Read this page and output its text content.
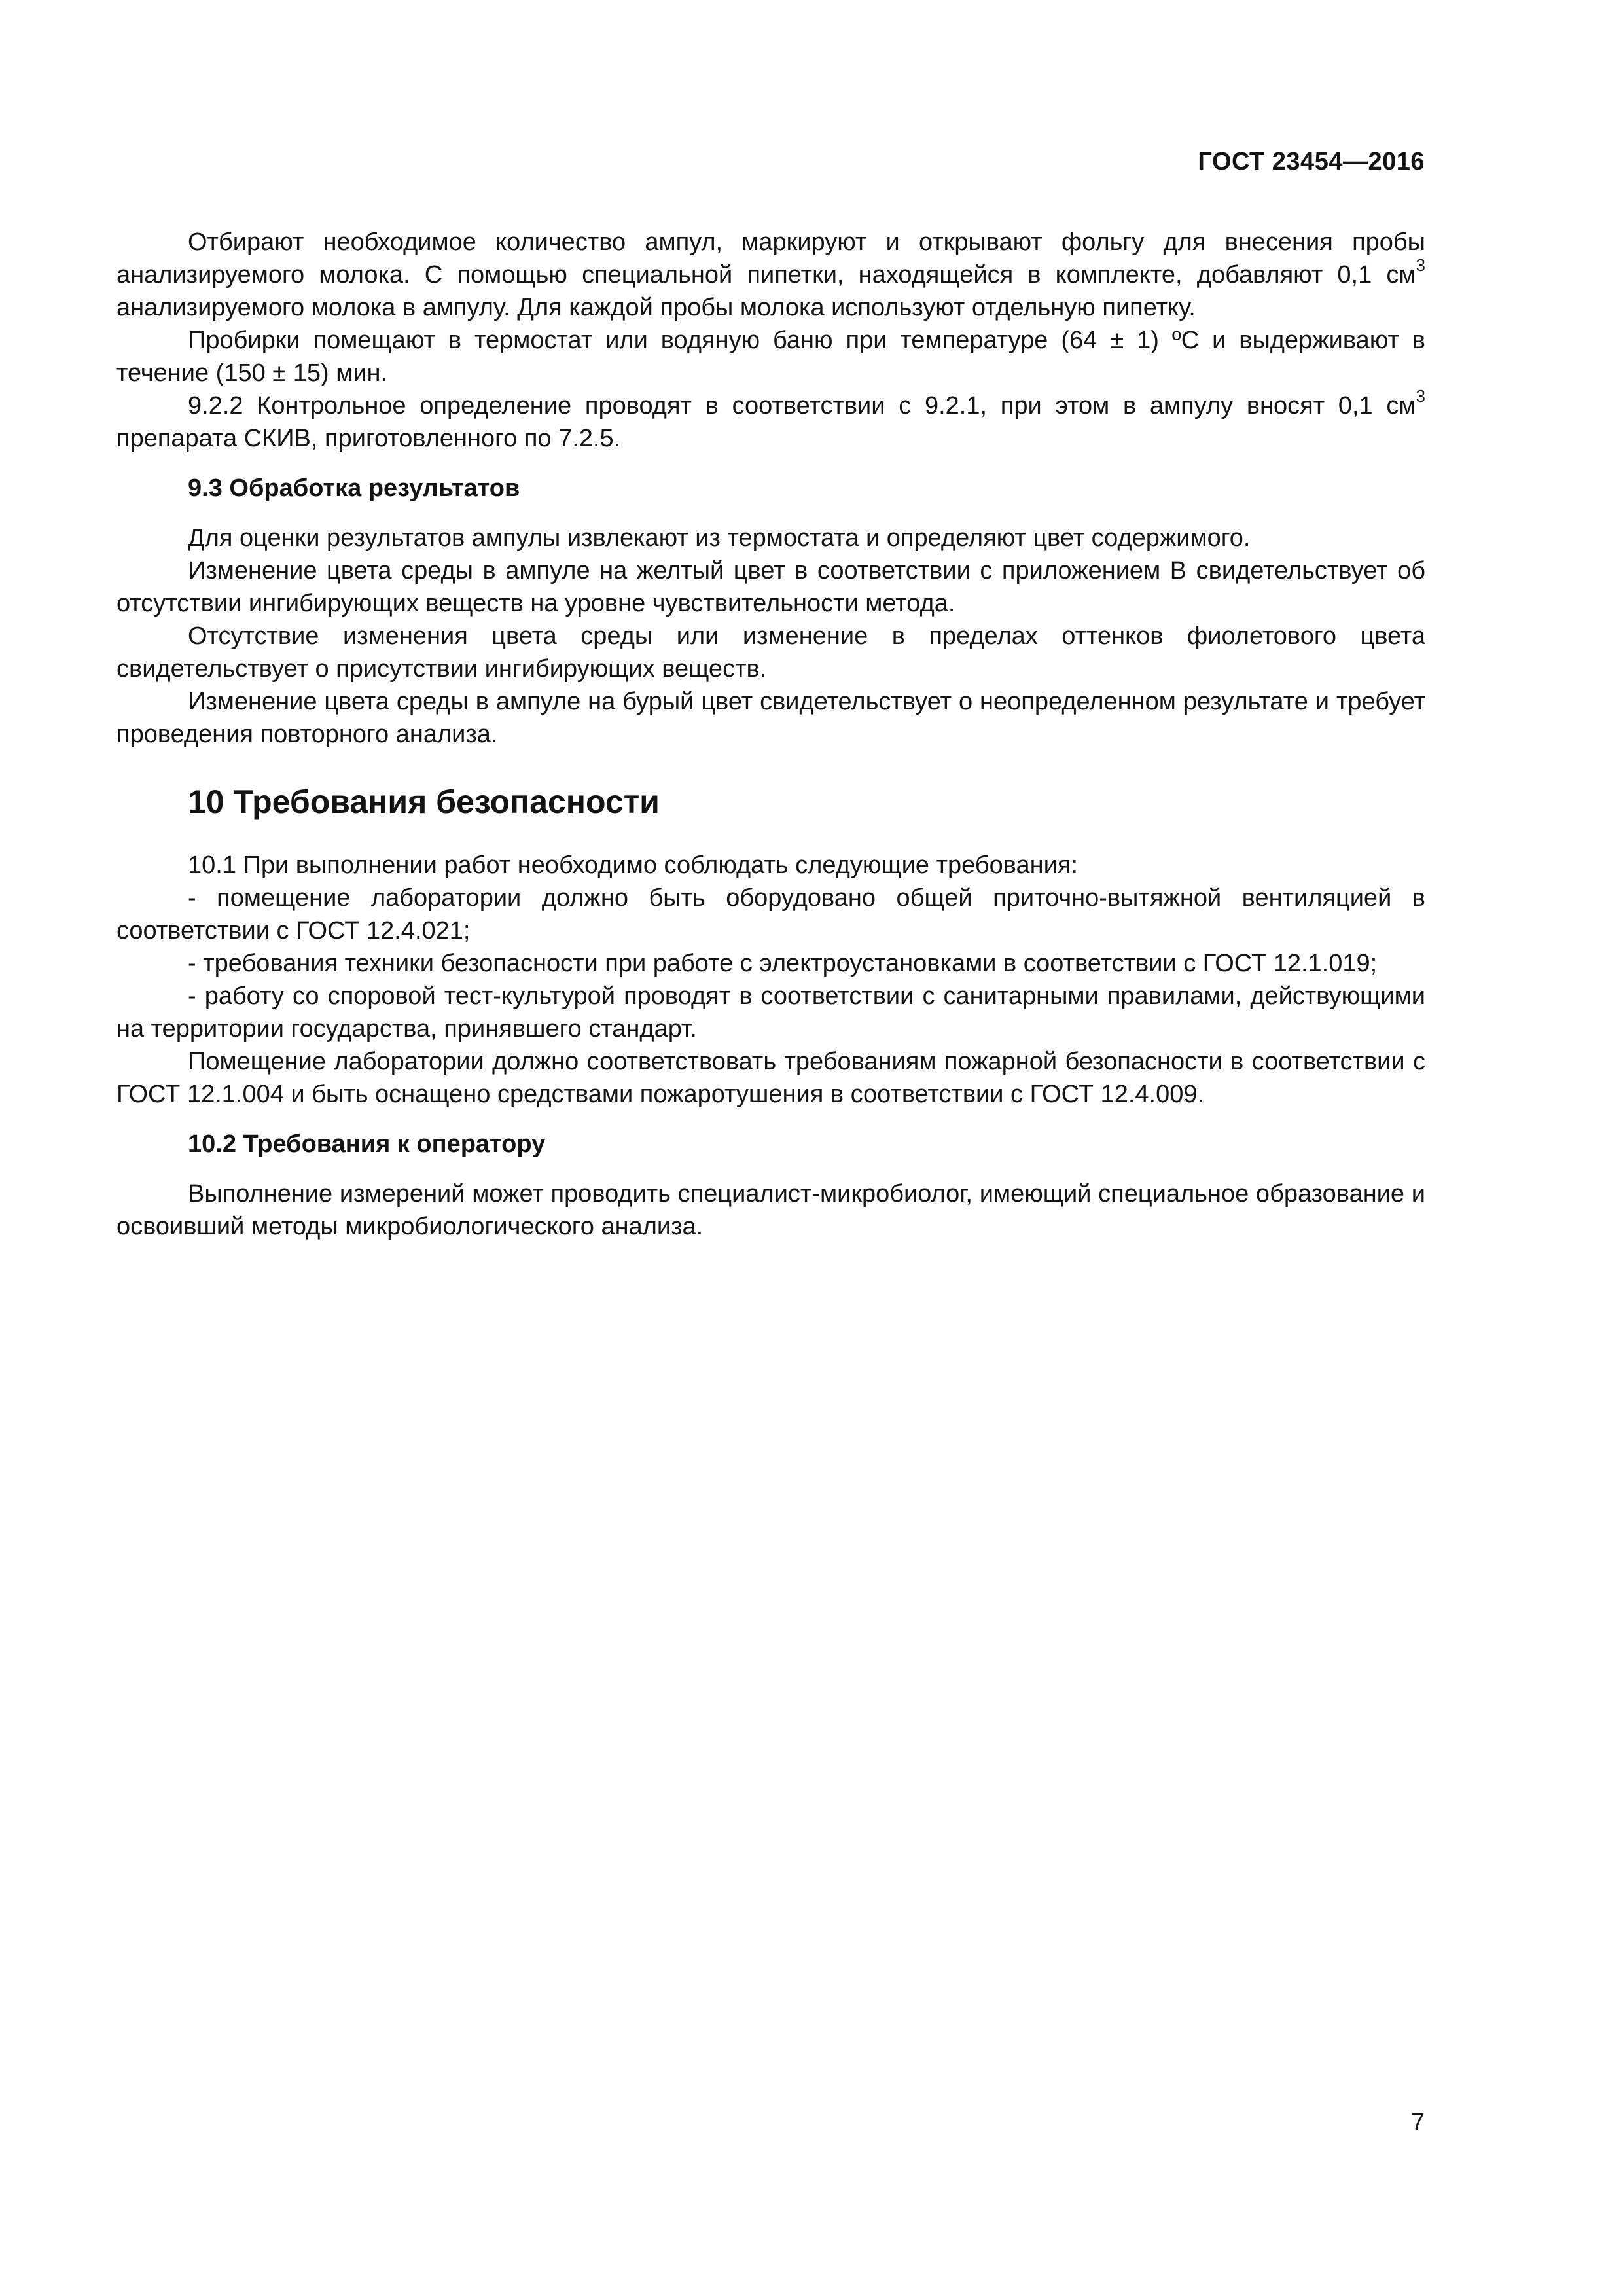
ГОСТ 23454—2016

Отбирают необходимое количество ампул, маркируют и открывают фольгу для внесения пробы анализируемого молока. С помощью специальной пипетки, находящейся в комплекте, добавляют 0,1 $см^3$ анализируемого молока в ампулу. Для каждой пробы молока используют отдельную пипетку.

Пробирки помещают в термостат или водяную баню при температуре (64 ± 1) ºС и выдерживают в течение (150 ± 15) мин.

9.2.2 Контрольное определение проводят в соответствии с 9.2.1, при этом в ампулу вносят 0,1 $см^3$ препарата СКИВ, приготовленного по 7.2.5.

9.3 Обработка результатов

Для оценки результатов ампулы извлекают из термостата и определяют цвет содержимого.

Изменение цвета среды в ампуле на желтый цвет в соответствии с приложением В свидетельствует об отсутствии ингибирующих веществ на уровне чувствительности метода.

Отсутствие изменения цвета среды или изменение в пределах оттенков фиолетового цвета свидетельствует о присутствии ингибирующих веществ.

Изменение цвета среды в ампуле на бурый цвет свидетельствует о неопределенном результате и требует проведения повторного анализа.

10 Требования безопасности

10.1 При выполнении работ необходимо соблюдать следующие требования:

- помещение лаборатории должно быть оборудовано общей приточно-вытяжной вентиляцией в соответствии с ГОСТ 12.4.021;

- требования техники безопасности при работе с электроустановками в соответствии с ГОСТ 12.1.019;

- работу со споровой тест-культурой проводят в соответствии с санитарными правилами, действующими на территории государства, принявшего стандарт.

Помещение лаборатории должно соответствовать требованиям пожарной безопасности в соответствии с ГОСТ 12.1.004 и быть оснащено средствами пожаротушения в соответствии с ГОСТ 12.4.009.

10.2 Требования к оператору

Выполнение измерений может проводить специалист-микробиолог, имеющий специальное образование и освоивший методы микробиологического анализа.

7
